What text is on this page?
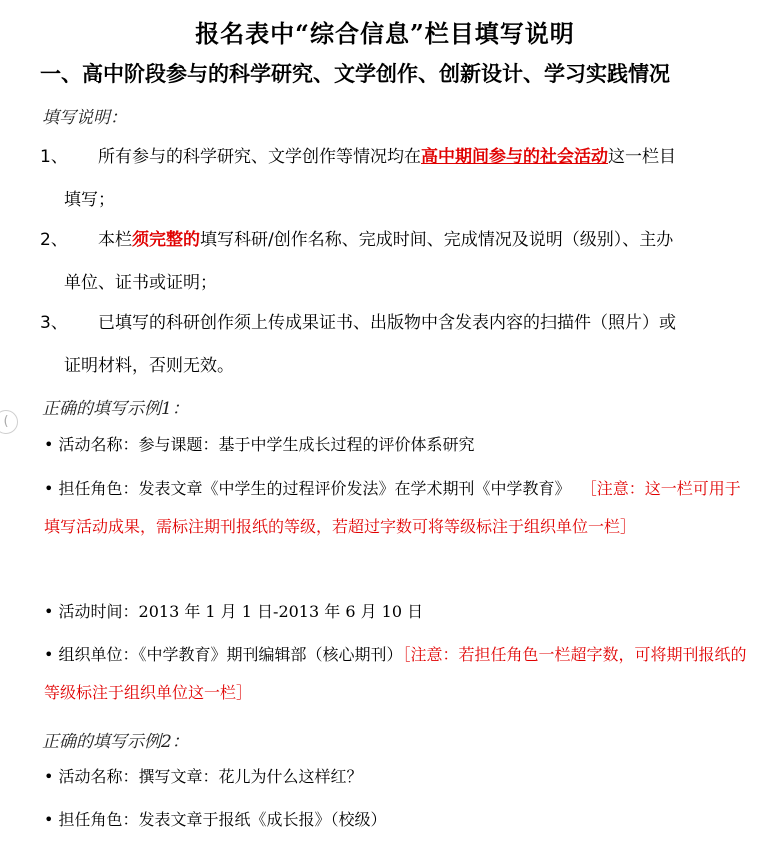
报名表中“综合信息”栏目填写说明
一、高中阶段参与的科学研究、文学创作、创新设计、学习实践情况
填写说明：
1、	所有参与的科学研究、文学创作等情况均在高中期间参与的社会活动这一栏目
填写；
2、	本栏须完整的填写科研/创作名称、完成时间、完成情况及说明（级别）、主办
单位、证书或证明；
3、	已填写的科研创作须上传成果证书、出版物中含发表内容的扫描件（照片）或
证明材料，否则无效。
(
正确的填写示例1：
• 活动名称：参与课题：基于中学生成长过程的评价体系研究
• 担任角色：发表文章《中学生的过程评价发法》在学术期刊《中学教育》 ［注意：这一栏可用于填写活动成果，需标注期刊报纸的等级，若超过字数可将等级标注于组织单位一栏］
• 活动时间：2013 年 1 月 1 日-2013 年 6 月 10 日
• 组织单位：《中学教育》期刊编辑部（核心期刊）［注意：若担任角色一栏超字数，可将期刊报纸的等级标注于组织单位这一栏］
正确的填写示例2：
• 活动名称：撰写文章：花儿为什么这样红？
• 担任角色：发表文章于报纸《成长报》（校级）
